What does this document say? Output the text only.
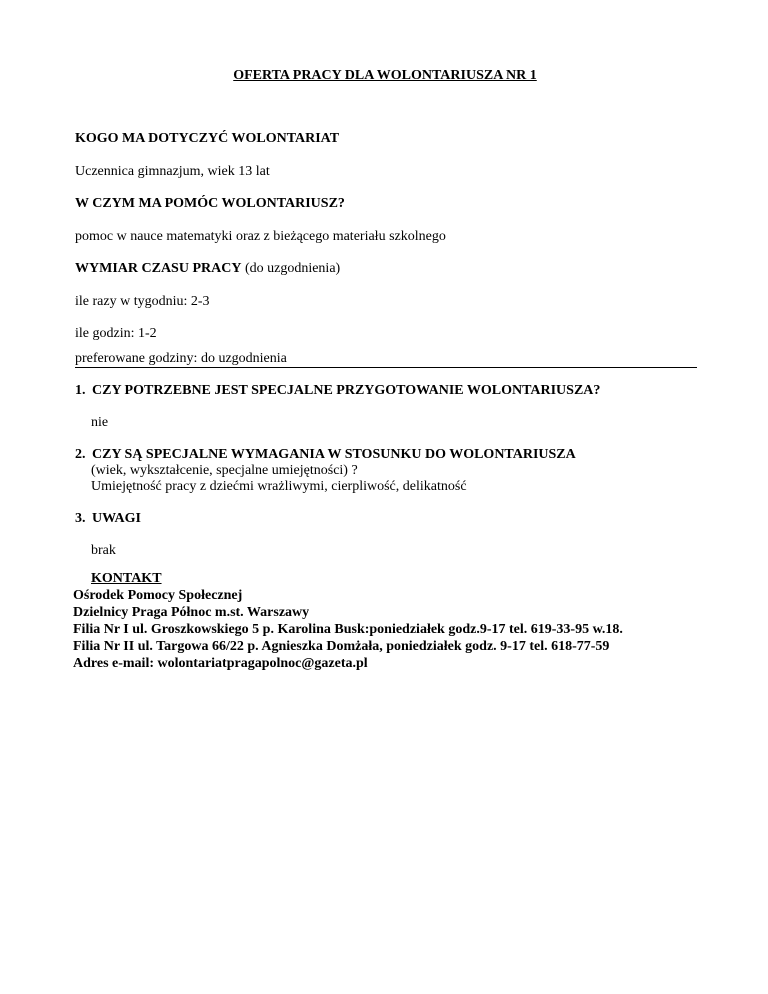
OFERTA PRACY DLA WOLONTARIUSZA NR 1
KOGO MA DOTYCZYĆ WOLONTARIAT
Uczennica gimnazjum, wiek 13 lat
W CZYM MA POMÓC WOLONTARIUSZ?
pomoc w nauce matematyki oraz z bieżącego materiału szkolnego
WYMIAR CZASU PRACY (do uzgodnienia)
ile razy w tygodniu: 2-3
ile godzin: 1-2
preferowane godziny: do uzgodnienia
1. CZY POTRZEBNE JEST SPECJALNE PRZYGOTOWANIE WOLONTARIUSZA?
nie
2. CZY SĄ SPECJALNE WYMAGANIA W STOSUNKU DO WOLONTARIUSZA
(wiek, wykształcenie, specjalne umiejętności) ?
Umiejętność pracy z dziećmi wrażliwymi, cierpliwość, delikatność
3. UWAGI
brak
KONTAKT
Ośrodek Pomocy Społecznej
Dzielnicy Praga Północ m.st. Warszawy
Filia Nr I ul. Groszkowskiego 5 p. Karolina Busk:poniedziałek godz.9-17 tel. 619-33-95 w.18.
Filia Nr II ul. Targowa 66/22 p. Agnieszka Domżała, poniedziałek godz. 9-17 tel. 618-77-59
Adres e-mail: wolontariatpragapolnoc@gazeta.pl
